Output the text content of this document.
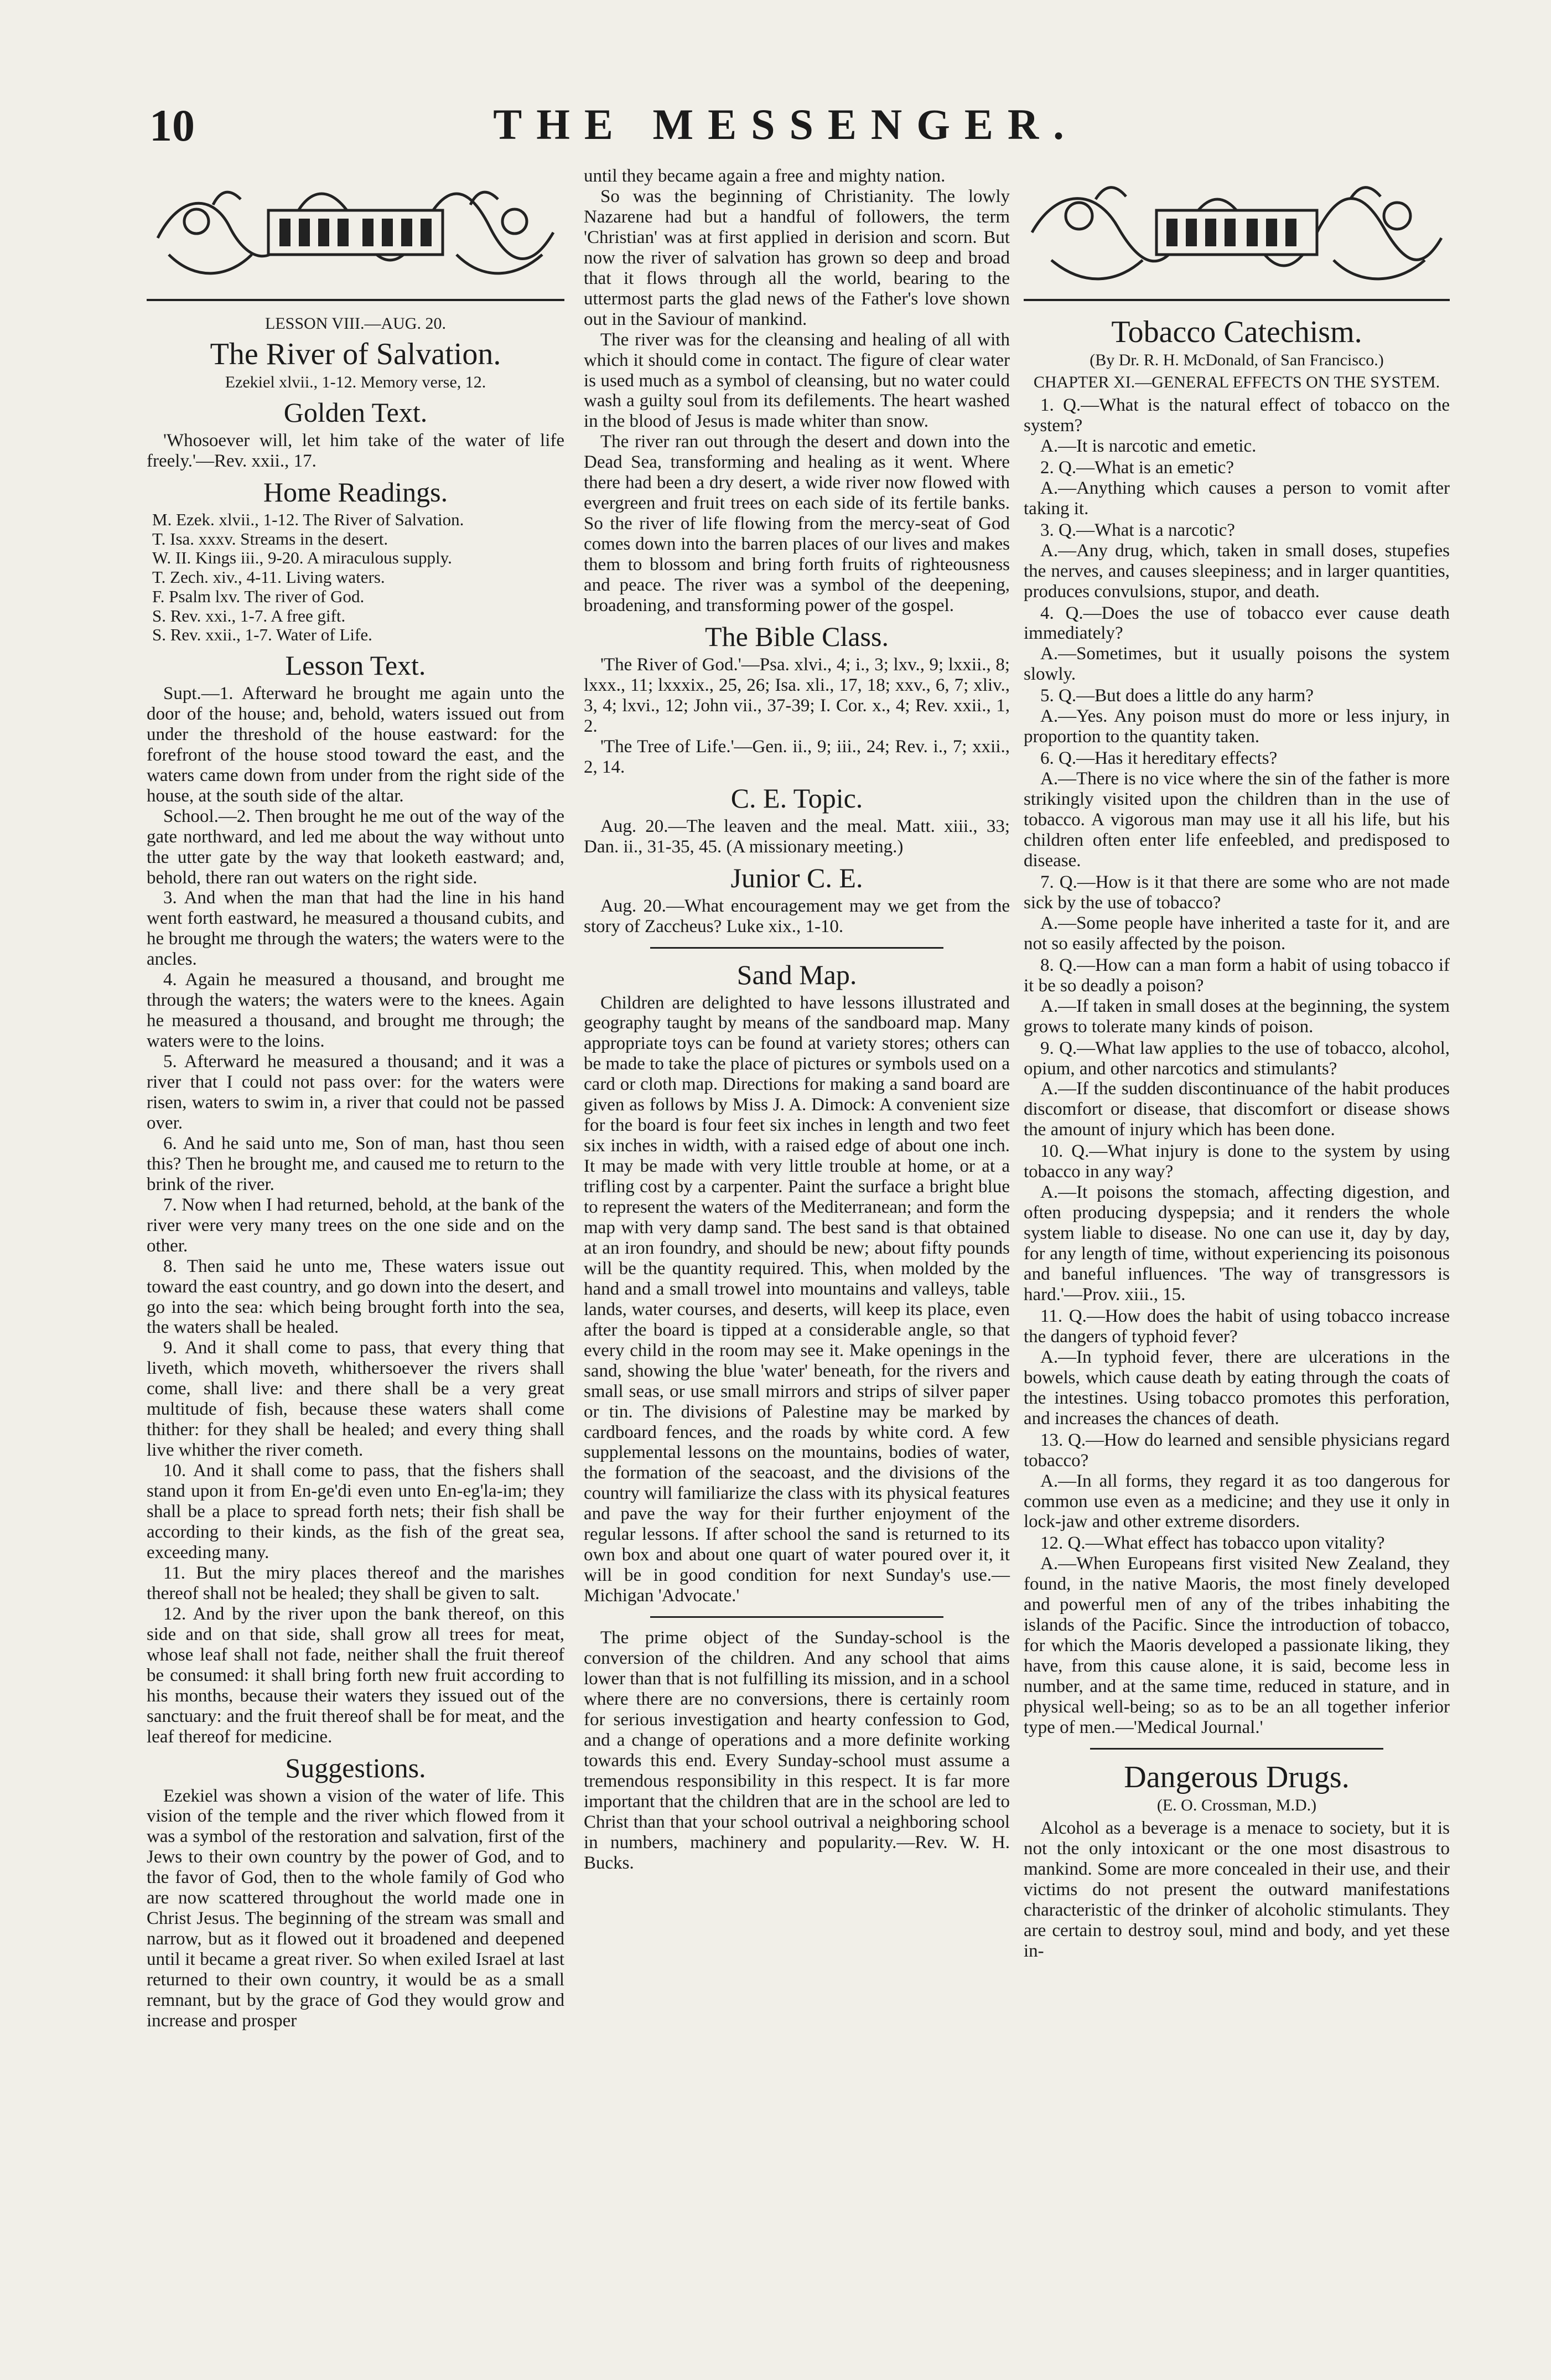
10	THE MESSENGER.
LESSON VIII.—AUG. 20.
The River of Salvation.
Ezekiel xlvii., 1-12. Memory verse, 12.
Golden Text.

'Whosoever will, let him take of the water of life freely.'—Rev. xxii., 17.

Home Readings.
M. Ezek. xlvii., 1-12. The River of Salvation.
T. Isa. xxxv. Streams in the desert.
W. II. Kings iii., 9-20. A miraculous supply.
T. Zech. xiv., 4-11. Living waters.
F. Psalm lxv. The river of God.
S. Rev. xxi., 1-7. A free gift.
S. Rev. xxii., 1-7. Water of Life.
Lesson Text.

Supt.—1. Afterward he brought me again unto the door of the house; and, behold, waters issued out from under the threshold of the house eastward: for the forefront of the house stood toward the east, and the waters came down from under from the right side of the house, at the south side of the altar.

School.—2. Then brought he me out of the way of the gate northward, and led me about the way without unto the utter gate by the way that looketh eastward; and, behold, there ran out waters on the right side.

3. And when the man that had the line in his hand went forth eastward, he measured a thousand cubits, and he brought me through the waters; the waters were to the ancles.

4. Again he measured a thousand, and brought me through the waters; the waters were to the knees. Again he measured a thousand, and brought me through; the waters were to the loins.

5. Afterward he measured a thousand; and it was a river that I could not pass over: for the waters were risen, waters to swim in, a river that could not be passed over.

6. And he said unto me, Son of man, hast thou seen this? Then he brought me, and caused me to return to the brink of the river.

7. Now when I had returned, behold, at the bank of the river were very many trees on the one side and on the other.

8. Then said he unto me, These waters issue out toward the east country, and go down into the desert, and go into the sea: which being brought forth into the sea, the waters shall be healed.

9. And it shall come to pass, that every thing that liveth, which moveth, whithersoever the rivers shall come, shall live: and there shall be a very great multitude of fish, because these waters shall come thither: for they shall be healed; and every thing shall live whither the river cometh.

10. And it shall come to pass, that the fishers shall stand upon it from En-ge'di even unto En-eg'la-im; they shall be a place to spread forth nets; their fish shall be according to their kinds, as the fish of the great sea, exceeding many.

11. But the miry places thereof and the marishes thereof shall not be healed; they shall be given to salt.

12. And by the river upon the bank thereof, on this side and on that side, shall grow all trees for meat, whose leaf shall not fade, neither shall the fruit thereof be consumed: it shall bring forth new fruit according to his months, because their waters they issued out of the sanctuary: and the fruit thereof shall be for meat, and the leaf thereof for medicine.

Suggestions.

Ezekiel was shown a vision of the water of life. This vision of the temple and the river which flowed from it was a symbol of the restoration and salvation, first of the Jews to their own country by the power of God, and to the favor of God, then to the whole family of God who are now scattered throughout the world made one in Christ Jesus. The beginning of the stream was small and narrow, but as it flowed out it broadened and deepened until it became a great river. So when exiled Israel at last returned to their own country, it would be as a small remnant, but by the grace of God they would grow and increase and prosper

until they became again a free and mighty nation.

So was the beginning of Christianity. The lowly Nazarene had but a handful of followers, the term 'Christian' was at first applied in derision and scorn. But now the river of salvation has grown so deep and broad that it flows through all the world, bearing to the uttermost parts the glad news of the Father's love shown out in the Saviour of mankind.

The river was for the cleansing and healing of all with which it should come in contact. The figure of clear water is used much as a symbol of cleansing, but no water could wash a guilty soul from its defilements. The heart washed in the blood of Jesus is made whiter than snow.

The river ran out through the desert and down into the Dead Sea, transforming and healing as it went. Where there had been a dry desert, a wide river now flowed with evergreen and fruit trees on each side of its fertile banks. So the river of life flowing from the mercy-seat of God comes down into the barren places of our lives and makes them to blossom and bring forth fruits of righteousness and peace. The river was a symbol of the deepening, broadening, and transforming power of the gospel.

The Bible Class.

'The River of God.'—Psa. xlvi., 4; i., 3; lxv., 9; lxxii., 8; lxxx., 11; lxxxix., 25, 26; Isa. xli., 17, 18; xxv., 6, 7; xliv., 3, 4; lxvi., 12; John vii., 37-39; I. Cor. x., 4; Rev. xxii., 1, 2.

'The Tree of Life.'—Gen. ii., 9; iii., 24; Rev. i., 7; xxii., 2, 14.

C. E. Topic.

Aug. 20.—The leaven and the meal. Matt. xiii., 33; Dan. ii., 31-35, 45. (A missionary meeting.)

Junior C. E.

Aug. 20.—What encouragement may we get from the story of Zaccheus? Luke xix., 1-10.

Sand Map.

Children are delighted to have lessons illustrated and geography taught by means of the sandboard map. Many appropriate toys can be found at variety stores; others can be made to take the place of pictures or symbols used on a card or cloth map. Directions for making a sand board are given as follows by Miss J. A. Dimock: A convenient size for the board is four feet six inches in length and two feet six inches in width, with a raised edge of about one inch. It may be made with very little trouble at home, or at a trifling cost by a carpenter. Paint the surface a bright blue to represent the waters of the Mediterranean; and form the map with very damp sand. The best sand is that obtained at an iron foundry, and should be new; about fifty pounds will be the quantity required. This, when molded by the hand and a small trowel into mountains and valleys, table lands, water courses, and deserts, will keep its place, even after the board is tipped at a considerable angle, so that every child in the room may see it. Make openings in the sand, showing the blue 'water' beneath, for the rivers and small seas, or use small mirrors and strips of silver paper or tin. The divisions of Palestine may be marked by cardboard fences, and the roads by white cord. A few supplemental lessons on the mountains, bodies of water, the formation of the seacoast, and the divisions of the country will familiarize the class with its physical features and pave the way for their further enjoyment of the regular lessons. If after school the sand is returned to its own box and about one quart of water poured over it, it will be in good condition for next Sunday's use.—Michigan 'Advocate.'

The prime object of the Sunday-school is the conversion of the children. And any school that aims lower than that is not fulfilling its mission, and in a school where there are no conversions, there is certainly room for serious investigation and hearty confession to God, and a change of operations and a more definite working towards this end. Every Sunday-school must assume a tremendous responsibility in this respect. It is far more important that the children that are in the school are led to Christ than that your school outrival a neighboring school in numbers, machinery and popularity.—Rev. W. H. Bucks.

Tobacco Catechism.
(By Dr. R. H. McDonald, of San Francisco.)
CHAPTER XI.—GENERAL EFFECTS ON THE SYSTEM.

1. Q.—What is the natural effect of tobacco on the system?

A.—It is narcotic and emetic.

2. Q.—What is an emetic?

A.—Anything which causes a person to vomit after taking it.

3. Q.—What is a narcotic?

A.—Any drug, which, taken in small doses, stupefies the nerves, and causes sleepiness; and in larger quantities, produces convulsions, stupor, and death.

4. Q.—Does the use of tobacco ever cause death immediately?

A.—Sometimes, but it usually poisons the system slowly.

5. Q.—But does a little do any harm?

A.—Yes. Any poison must do more or less injury, in proportion to the quantity taken.

6. Q.—Has it hereditary effects?

A.—There is no vice where the sin of the father is more strikingly visited upon the children than in the use of tobacco. A vigorous man may use it all his life, but his children often enter life enfeebled, and predisposed to disease.

7. Q.—How is it that there are some who are not made sick by the use of tobacco?

A.—Some people have inherited a taste for it, and are not so easily affected by the poison.

8. Q.—How can a man form a habit of using tobacco if it be so deadly a poison?

A.—If taken in small doses at the beginning, the system grows to tolerate many kinds of poison.

9. Q.—What law applies to the use of tobacco, alcohol, opium, and other narcotics and stimulants?

A.—If the sudden discontinuance of the habit produces discomfort or disease, that discomfort or disease shows the amount of injury which has been done.

10. Q.—What injury is done to the system by using tobacco in any way?

A.—It poisons the stomach, affecting digestion, and often producing dyspepsia; and it renders the whole system liable to disease. No one can use it, day by day, for any length of time, without experiencing its poisonous and baneful influences. 'The way of transgressors is hard.'—Prov. xiii., 15.

11. Q.—How does the habit of using tobacco increase the dangers of typhoid fever?

A.—In typhoid fever, there are ulcerations in the bowels, which cause death by eating through the coats of the intestines. Using tobacco promotes this perforation, and increases the chances of death.

13. Q.—How do learned and sensible physicians regard tobacco?

A.—In all forms, they regard it as too dangerous for common use even as a medicine; and they use it only in lock-jaw and other extreme disorders.

12. Q.—What effect has tobacco upon vitality?

A.—When Europeans first visited New Zealand, they found, in the native Maoris, the most finely developed and powerful men of any of the tribes inhabiting the islands of the Pacific. Since the introduction of tobacco, for which the Maoris developed a passionate liking, they have, from this cause alone, it is said, become less in number, and at the same time, reduced in stature, and in physical well-being; so as to be an all together inferior type of men.—'Medical Journal.'

Dangerous Drugs.
(E. O. Crossman, M.D.)

Alcohol as a beverage is a menace to society, but it is not the only intoxicant or the one most disastrous to mankind. Some are more concealed in their use, and their victims do not present the outward manifestations characteristic of the drinker of alcoholic stimulants. They are certain to destroy soul, mind and body, and yet these in-
